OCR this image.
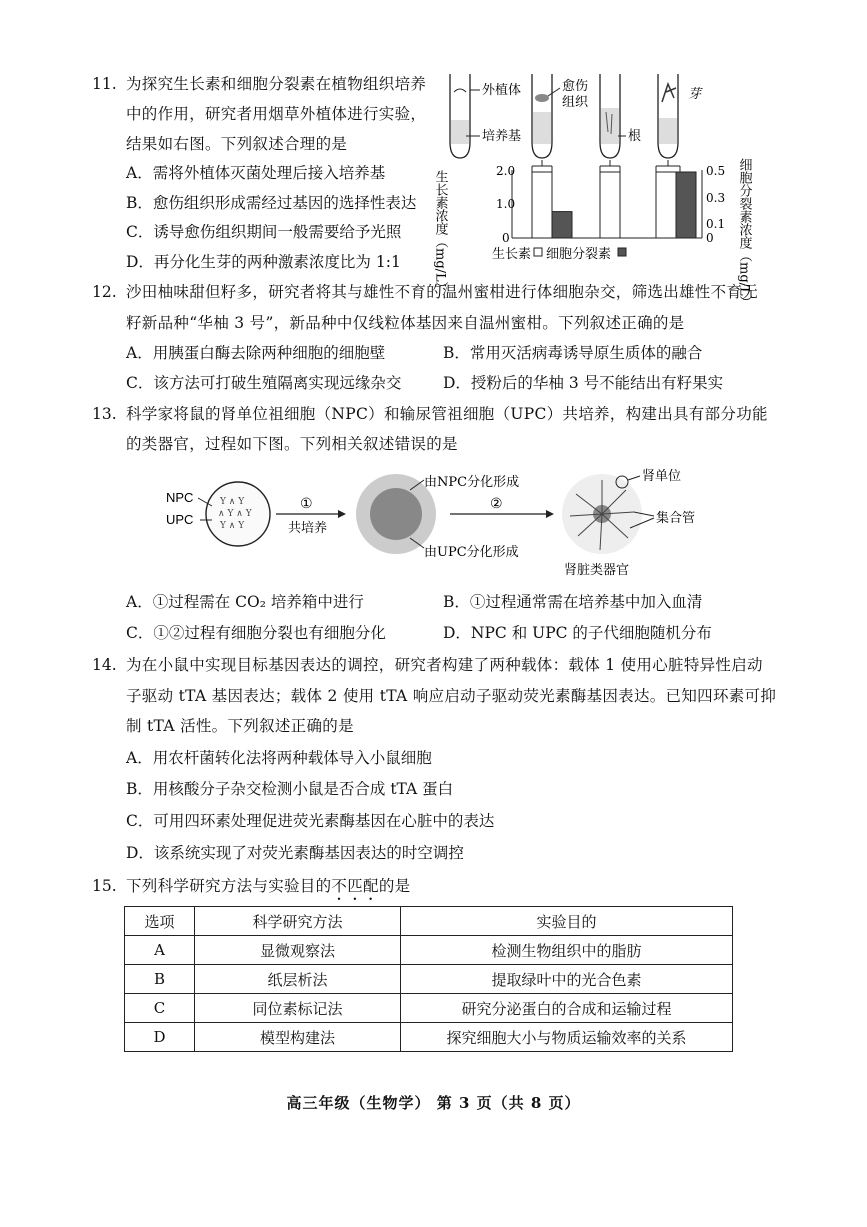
11. 为探究生长素和细胞分裂素在植物组织培养
中的作用，研究者用烟草外植体进行实验，
结果如右图。下列叙述合理的是
A．需将外植体灭菌处理后接入培养基
B．愈伤组织形成需经过基因的选择性表达
C．诱导愈伤组织期间一般需要给予光照
D．再分化生芽的两种激素浓度比为 1:1
外植体
培养基
愈伤
组织
根
芽
2.0
1.0
0
0.5
0.3
0.1
0
生长素浓度（mg/L）	细胞分裂素浓度（mg/L）
生长素 细胞分裂素
12. 沙田柚味甜但籽多，研究者将其与雄性不育的温州蜜柑进行体细胞杂交，筛选出雄性不育无
籽新品种“华柚 3 号”，新品种中仅线粒体基因来自温州蜜柑。下列叙述正确的是
A．用胰蛋白酶去除两种细胞的细胞壁	B．常用灭活病毒诱导原生质体的融合
C．该方法可打破生殖隔离实现远缘杂交	D．授粉后的华柚 3 号不能结出有籽果实
13. 科学家将鼠的肾单位祖细胞（NPC）和输尿管祖细胞（UPC）共培养，构建出具有部分功能
的类器官，过程如下图。下列相关叙述错误的是
Y ∧ Y
∧ Y ∧ Y
Y ∧ Y
NPC
UPC
①
共培养
由NPC分化形成
由UPC分化形成
②
肾单位
集合管
肾脏类器官
A．①过程需在 CO₂ 培养箱中进行	B．①过程通常需在培养基中加入血清
C．①②过程有细胞分裂也有细胞分化	D．NPC 和 UPC 的子代细胞随机分布
14. 为在小鼠中实现目标基因表达的调控，研究者构建了两种载体：载体 1 使用心脏特异性启动
子驱动 tTA 基因表达；载体 2 使用 tTA 响应启动子驱动荧光素酶基因表达。已知四环素可抑
制 tTA 活性。下列叙述正确的是
A．用农杆菌转化法将两种载体导入小鼠细胞
B．用核酸分子杂交检测小鼠是否合成 tTA 蛋白
C．可用四环素处理促进荧光素酶基因在心脏中的表达
D．该系统实现了对荧光素酶基因表达的时空调控
15. 下列科学研究方法与实验目的不匹配的是
选项	科学研究方法	实验目的
A	显微观察法	检测生物组织中的脂肪
B	纸层析法	提取绿叶中的光合色素
C	同位素标记法	研究分泌蛋白的合成和运输过程
D	模型构建法	探究细胞大小与物质运输效率的关系
高三年级（生物学） 第 3 页（共 8 页）
